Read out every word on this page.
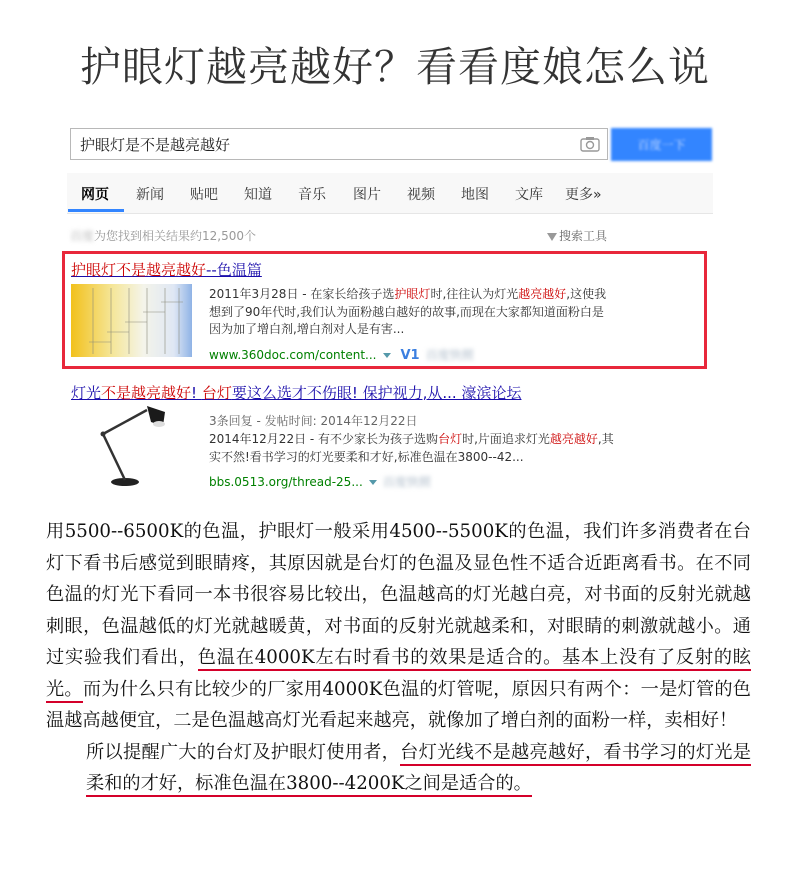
护眼灯越亮越好？看看度娘怎么说
护眼灯是不是越亮越好
百度一下
网页 新闻 贴吧 知道 音乐 图片 视频 地图 文库 更多»
百度为您找到相关结果约12,500个	搜索工具
护眼灯不是越亮越好--色温篇
2011年3月28日 - 在家长给孩子选护眼灯时,往往认为灯光越亮越好,这使我想到了90年代时,我们认为面粉越白越好的故事,而现在大家都知道面粉白是因为加了增白剂,增白剂对人是有害...
www.360doc.com/content... V1 百度快照
灯光不是越亮越好! 台灯要这么选才不伤眼! 保护视力,从... 濠滨论坛
3条回复 - 发帖时间: 2014年12月22日
2014年12月22日 - 有不少家长为孩子选购台灯时,片面追求灯光越亮越好,其实不然!看书学习的灯光要柔和才好,标准色温在3800--42...
bbs.0513.org/thread-25... 百度快照

用5500--6500K的色温，护眼灯一般采用4500--5500K的色温，我们许多消费者在台灯下看书后感觉到眼睛疼，其原因就是台灯的色温及显色性不适合近距离看书。在不同色温的灯光下看同一本书很容易比较出，色温越高的灯光越白亮，对书面的反射光就越刺眼，色温越低的灯光就越暖黄，对书面的反射光就越柔和，对眼睛的刺激就越小。通过实验我们看出，色温在4000K左右时看书的效果是适合的。基本上没有了反射的眩光。而为什么只有比较少的厂家用4000K色温的灯管呢，原因只有两个：一是灯管的色温越高越便宜，二是色温越高灯光看起来越亮，就像加了增白剂的面粉一样，卖相好！

所以提醒广大的台灯及护眼灯使用者，台灯光线不是越亮越好，看书学习的灯光是柔和的才好，标准色温在3800--4200K之间是适合的。
